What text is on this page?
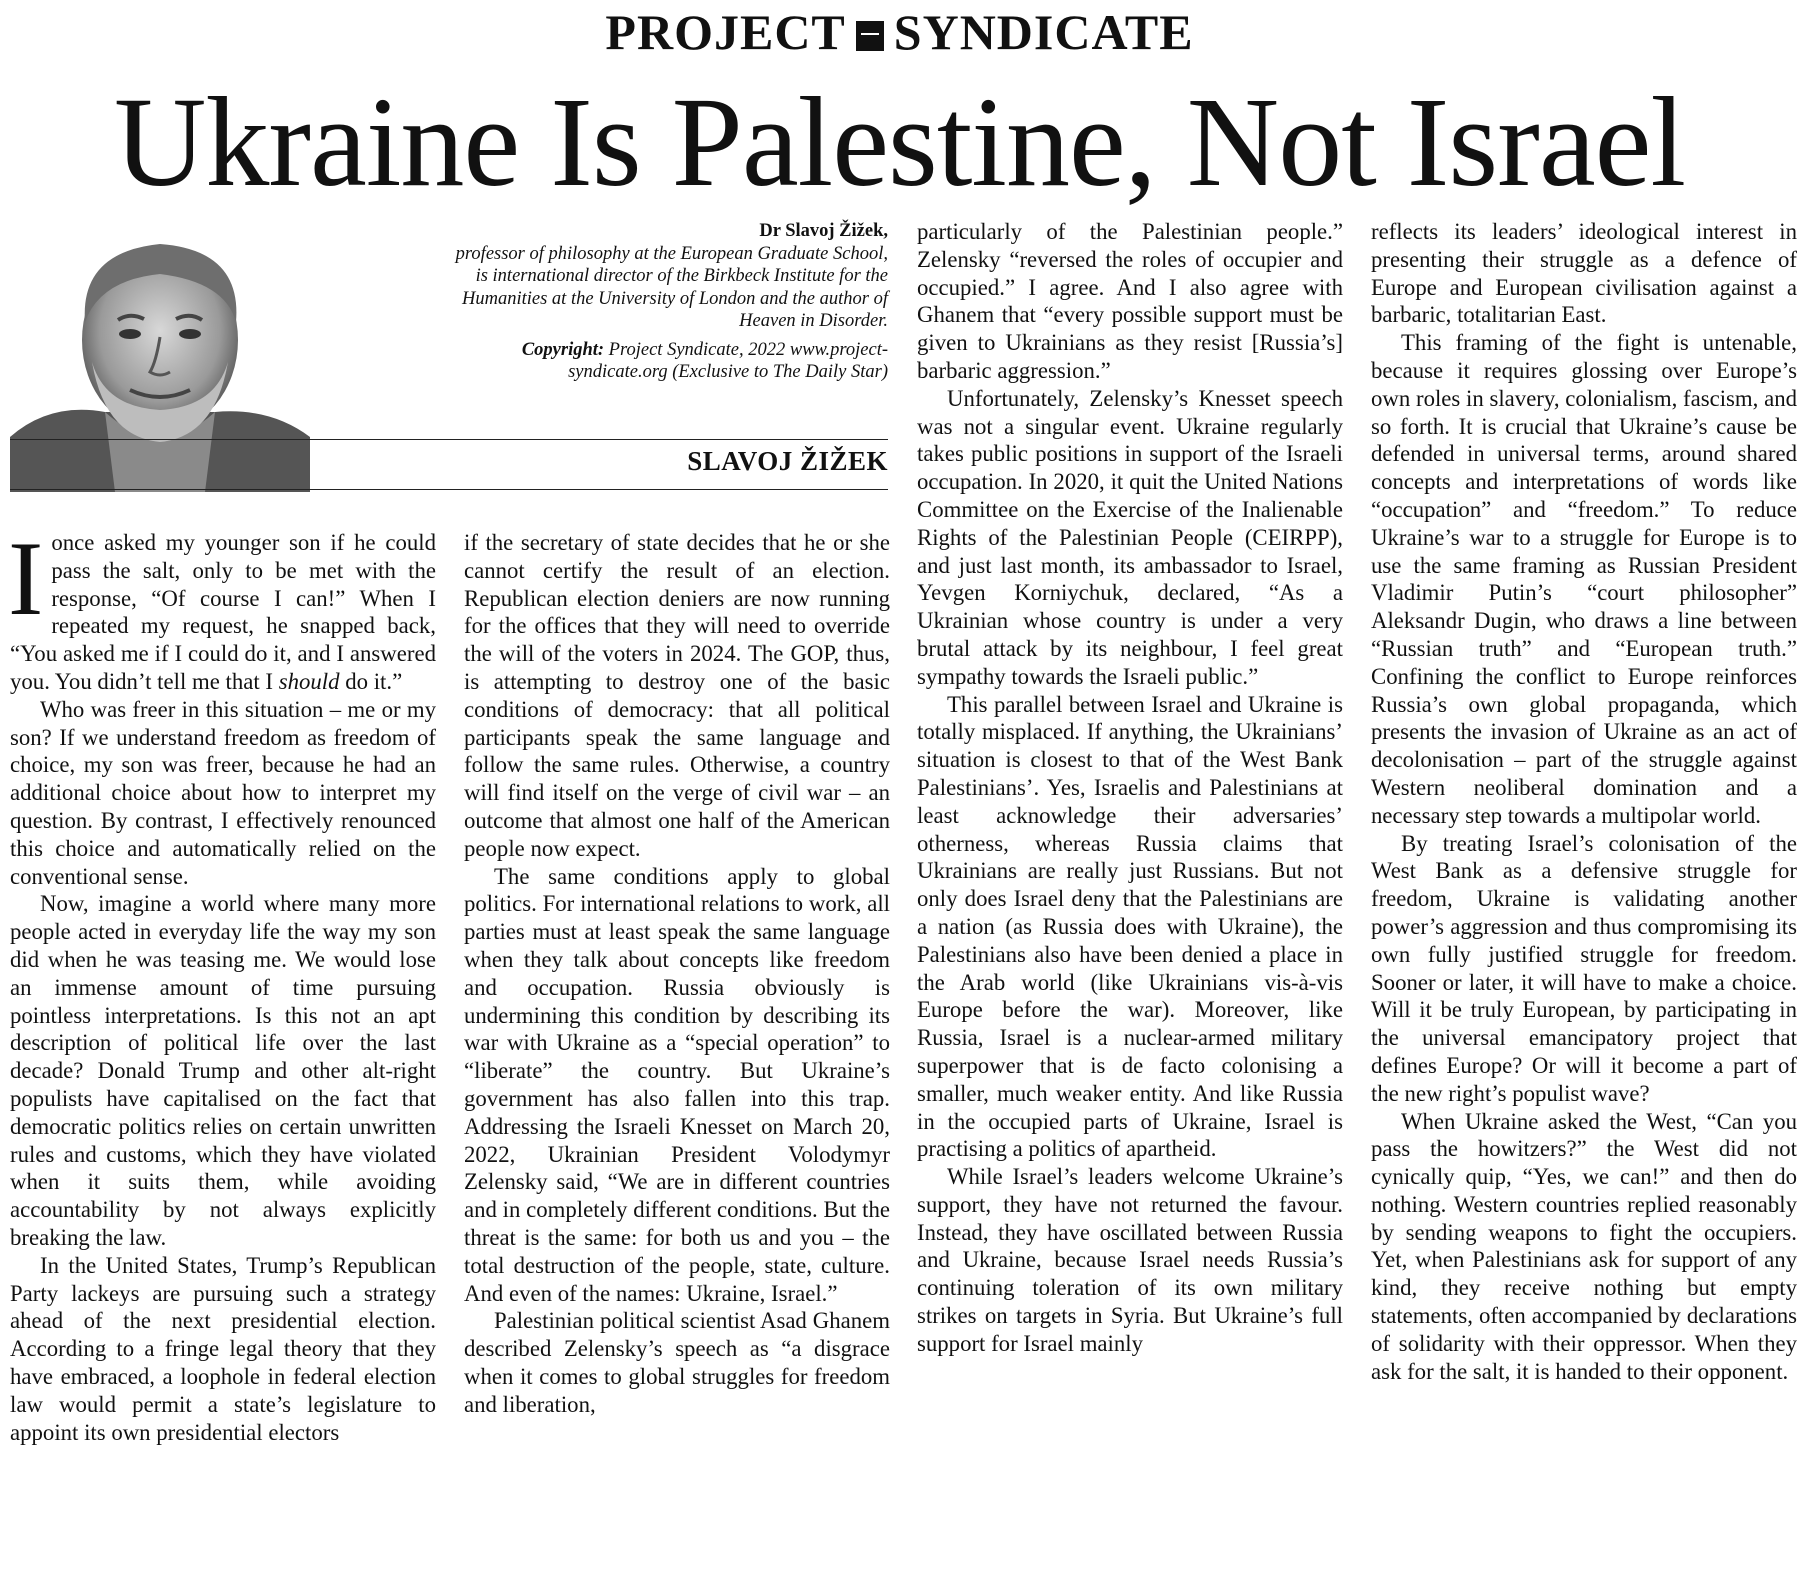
PROJECT SYNDICATE
Ukraine Is Palestine, Not Israel
Dr Slavoj Žižek,
professor of philosophy at the European Graduate School, is international director of the Birkbeck Institute for the Humanities at the University of London and the author of Heaven in Disorder.
Copyright: Project Syndicate, 2022 www.project-syndicate.org (Exclusive to The Daily Star)
SLAVOJ ŽIŽEK

Ionce asked my younger son if he could pass the salt, only to be met with the response, “Of course I can!” When I repeated my request, he snapped back, “You asked me if I could do it, and I answered you. You didn’t tell me that I should do it.”

Who was freer in this situation – me or my son? If we understand freedom as freedom of choice, my son was freer, because he had an additional choice about how to interpret my question. By contrast, I effectively renounced this choice and automatically relied on the conventional sense.

Now, imagine a world where many more people acted in everyday life the way my son did when he was teasing me. We would lose an immense amount of time pursuing pointless interpretations. Is this not an apt description of political life over the last decade? Donald Trump and other alt-right populists have capitalised on the fact that democratic politics relies on certain unwritten rules and customs, which they have violated when it suits them, while avoiding accountability by not always explicitly breaking the law.

In the United States, Trump’s Republican Party lackeys are pursuing such a strategy ahead of the next presidential election. According to a fringe legal theory that they have embraced, a loophole in federal election law would permit a state’s legislature to appoint its own presidential electors

if the secretary of state decides that he or she cannot certify the result of an election. Republican election deniers are now running for the offices that they will need to override the will of the voters in 2024. The GOP, thus, is attempting to destroy one of the basic conditions of democracy: that all political participants speak the same language and follow the same rules. Otherwise, a country will find itself on the verge of civil war – an outcome that almost one half of the American people now expect.

The same conditions apply to global politics. For international relations to work, all parties must at least speak the same language when they talk about concepts like freedom and occupation. Russia obviously is undermining this condition by describing its war with Ukraine as a “special operation” to “liberate” the country. But Ukraine’s government has also fallen into this trap. Addressing the Israeli Knesset on March 20, 2022, Ukrainian President Volodymyr Zelensky said, “We are in different countries and in completely different conditions. But the threat is the same: for both us and you – the total destruction of the people, state, culture. And even of the names: Ukraine, Israel.”

Palestinian political scientist Asad Ghanem described Zelensky’s speech as “a disgrace when it comes to global struggles for freedom and liberation,

particularly of the Palestinian people.” Zelensky “reversed the roles of occupier and occupied.” I agree. And I also agree with Ghanem that “every possible support must be given to Ukrainians as they resist [Russia’s] barbaric aggression.”

Unfortunately, Zelensky’s Knesset speech was not a singular event. Ukraine regularly takes public positions in support of the Israeli occupation. In 2020, it quit the United Nations Committee on the Exercise of the Inalienable Rights of the Palestinian People (CEIRPP), and just last month, its ambassador to Israel, Yevgen Korniychuk, declared, “As a Ukrainian whose country is under a very brutal attack by its neighbour, I feel great sympathy towards the Israeli public.”

This parallel between Israel and Ukraine is totally misplaced. If anything, the Ukrainians’ situation is closest to that of the West Bank Palestinians’. Yes, Israelis and Palestinians at least acknowledge their adversaries’ otherness, whereas Russia claims that Ukrainians are really just Russians. But not only does Israel deny that the Palestinians are a nation (as Russia does with Ukraine), the Palestinians also have been denied a place in the Arab world (like Ukrainians vis-à-vis Europe before the war). Moreover, like Russia, Israel is a nuclear-armed military superpower that is de facto colonising a smaller, much weaker entity. And like Russia in the occupied parts of Ukraine, Israel is practising a politics of apartheid.

While Israel’s leaders welcome Ukraine’s support, they have not returned the favour. Instead, they have oscillated between Russia and Ukraine, because Israel needs Russia’s continuing toleration of its own military strikes on targets in Syria. But Ukraine’s full support for Israel mainly

reflects its leaders’ ideological interest in presenting their struggle as a defence of Europe and European civilisation against a barbaric, totalitarian East.

This framing of the fight is untenable, because it requires glossing over Europe’s own roles in slavery, colonialism, fascism, and so forth. It is crucial that Ukraine’s cause be defended in universal terms, around shared concepts and interpretations of words like “occupation” and “freedom.” To reduce Ukraine’s war to a struggle for Europe is to use the same framing as Russian President Vladimir Putin’s “court philosopher” Aleksandr Dugin, who draws a line between “Russian truth” and “European truth.” Confining the conflict to Europe reinforces Russia’s own global propaganda, which presents the invasion of Ukraine as an act of decolonisation – part of the struggle against Western neoliberal domination and a necessary step towards a multipolar world.

By treating Israel’s colonisation of the West Bank as a defensive struggle for freedom, Ukraine is validating another power’s aggression and thus compromising its own fully justified struggle for freedom. Sooner or later, it will have to make a choice. Will it be truly European, by participating in the universal emancipatory project that defines Europe? Or will it become a part of the new right’s populist wave?

When Ukraine asked the West, “Can you pass the howitzers?” the West did not cynically quip, “Yes, we can!” and then do nothing. Western countries replied reasonably by sending weapons to fight the occupiers. Yet, when Palestinians ask for support of any kind, they receive nothing but empty statements, often accompanied by declarations of solidarity with their oppressor. When they ask for the salt, it is handed to their opponent.
